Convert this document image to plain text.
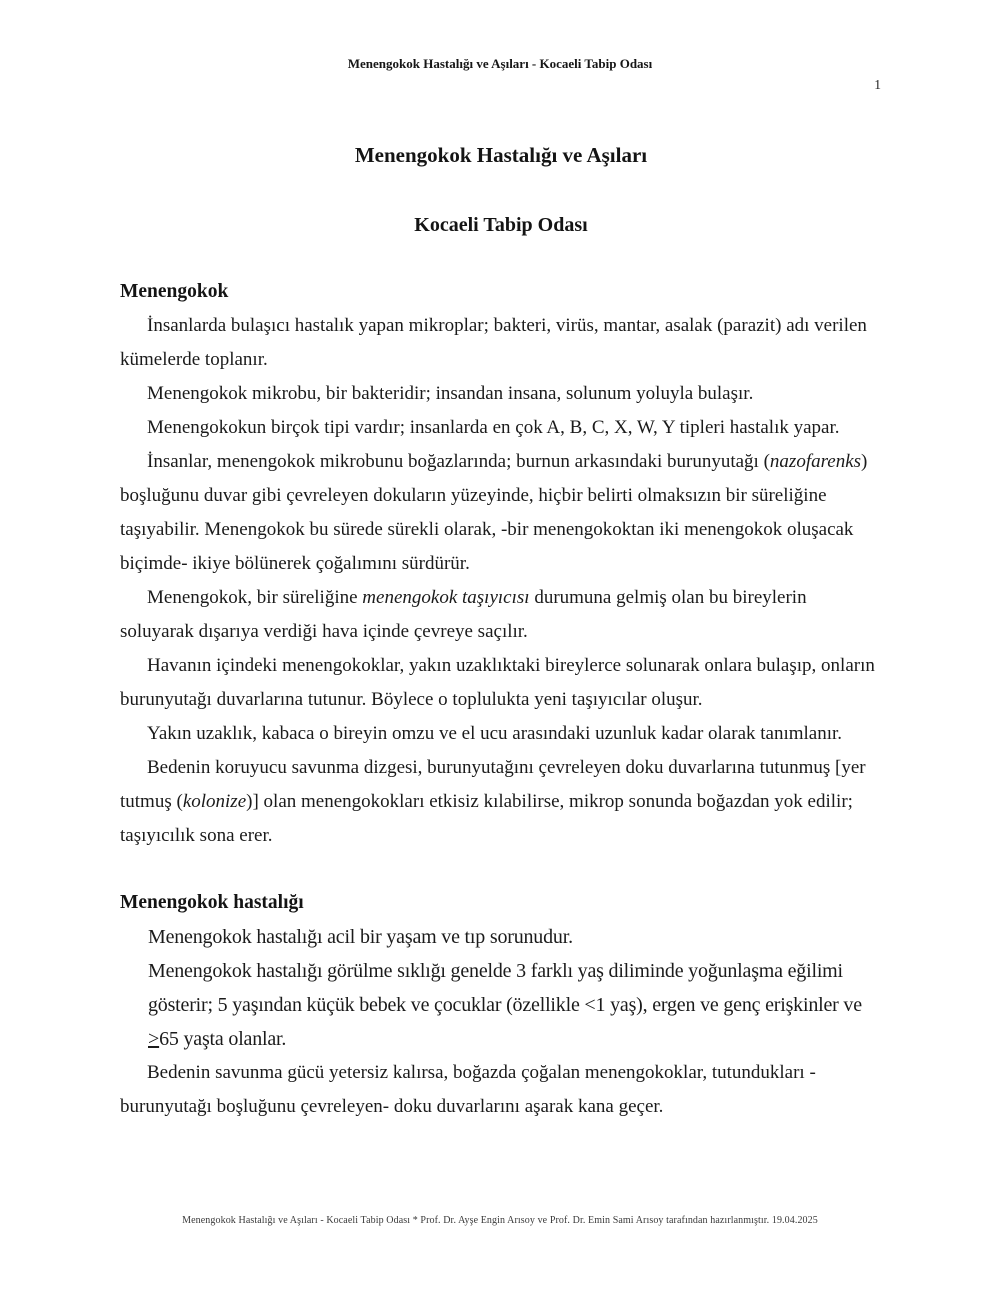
Menengokok Hastalığı ve Aşıları - Kocaeli Tabip Odası
1
Menengokok Hastalığı ve Aşıları
Kocaeli Tabip Odası
Menengokok

İnsanlarda bulaşıcı hastalık yapan mikroplar; bakteri, virüs, mantar, asalak (parazit) adı verilen kümelerde toplanır.

Menengokok mikrobu, bir bakteridir; insandan insana, solunum yoluyla bulaşır.

Menengokokun birçok tipi vardır; insanlarda en çok A, B, C, X, W, Y tipleri hastalık yapar.

İnsanlar, menengokok mikrobunu boğazlarında; burnun arkasındaki burunyutağı (nazofarenks) boşluğunu duvar gibi çevreleyen dokuların yüzeyinde, hiçbir belirti olmaksızın bir süreliğine taşıyabilir. Menengokok bu sürede sürekli olarak, -bir menengokoktan iki menengokok oluşacak biçimde- ikiye bölünerek çoğalımını sürdürür.

Menengokok, bir süreliğine menengokok taşıyıcısı durumuna gelmiş olan bu bireylerin soluyarak dışarıya verdiği hava içinde çevreye saçılır.

Havanın içindeki menengokoklar, yakın uzaklıktaki bireylerce solunarak onlara bulaşıp, onların burunyutağı duvarlarına tutunur. Böylece o toplulukta yeni taşıyıcılar oluşur.

Yakın uzaklık, kabaca o bireyin omzu ve el ucu arasındaki uzunluk kadar olarak tanımlanır.

Bedenin koruyucu savunma dizgesi, burunyutağını çevreleyen doku duvarlarına tutunmuş [yer tutmuş (kolonize)] olan menengokokları etkisiz kılabilirse, mikrop sonunda boğazdan yok edilir; taşıyıcılık sona erer.

Menengokok hastalığı

Menengokok hastalığı acil bir yaşam ve tıp sorunudur.

Menengokok hastalığı görülme sıklığı genelde 3 farklı yaş diliminde yoğunlaşma eğilimi gösterir; 5 yaşından küçük bebek ve çocuklar (özellikle <1 yaş), ergen ve genç erişkinler ve >65 yaşta olanlar.

Bedenin savunma gücü yetersiz kalırsa, boğazda çoğalan menengokoklar, tutundukları - burunyutağı boşluğunu çevreleyen- doku duvarlarını aşarak kana geçer.

Menengokok Hastalığı ve Aşıları - Kocaeli Tabip Odası * Prof. Dr. Ayşe Engin Arısoy ve Prof. Dr. Emin Sami Arısoy tarafından hazırlanmıştır. 19.04.2025
